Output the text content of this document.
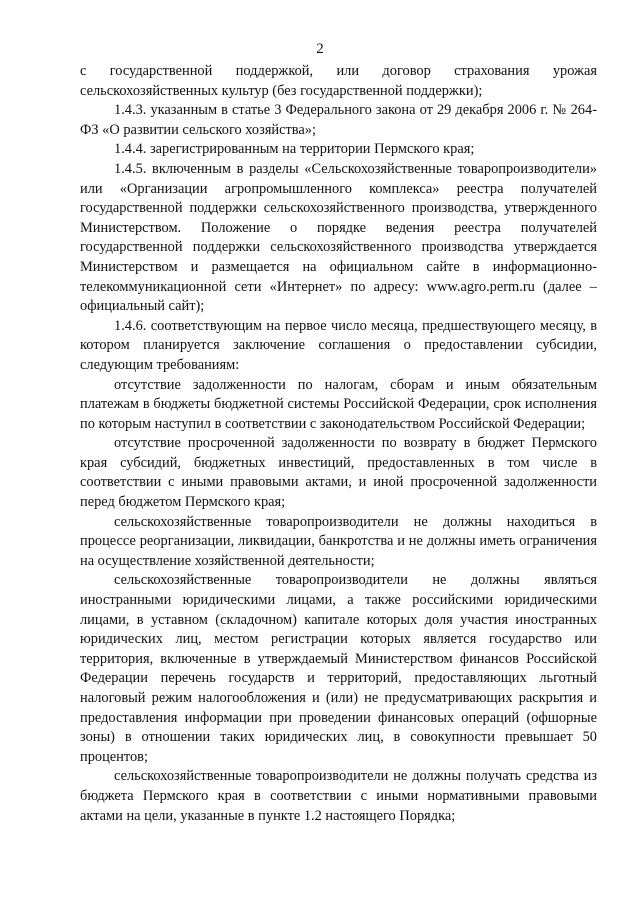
2

с государственной поддержкой, или договор страхования урожая сельскохозяйственных культур (без государственной поддержки);

1.4.3. указанным в статье 3 Федерального закона от 29 декабря 2006 г. № 264-ФЗ «О развитии сельского хозяйства»;

1.4.4. зарегистрированным на территории Пермского края;

1.4.5. включенным в разделы «Сельскохозяйственные товаропроизводители» или «Организации агропромышленного комплекса» реестра получателей государственной поддержки сельскохозяйственного производства, утвержденного Министерством. Положение о порядке ведения реестра получателей государственной поддержки сельскохозяйственного производства утверждается Министерством и размещается на официальном сайте в информационно-телекоммуникационной сети «Интернет» по адресу: www.agro.perm.ru (далее – официальный сайт);

1.4.6. соответствующим на первое число месяца, предшествующего месяцу, в котором планируется заключение соглашения о предоставлении субсидии, следующим требованиям:

отсутствие задолженности по налогам, сборам и иным обязательным платежам в бюджеты бюджетной системы Российской Федерации, срок исполнения по которым наступил в соответствии с законодательством Российской Федерации;

отсутствие просроченной задолженности по возврату в бюджет Пермского края субсидий, бюджетных инвестиций, предоставленных в том числе в соответствии с иными правовыми актами, и иной просроченной задолженности перед бюджетом Пермского края;

сельскохозяйственные товаропроизводители не должны находиться в процессе реорганизации, ликвидации, банкротства и не должны иметь ограничения на осуществление хозяйственной деятельности;

сельскохозяйственные товаропроизводители не должны являться иностранными юридическими лицами, а также российскими юридическими лицами, в уставном (складочном) капитале которых доля участия иностранных юридических лиц, местом регистрации которых является государство или территория, включенные в утверждаемый Министерством финансов Российской Федерации перечень государств и территорий, предоставляющих льготный налоговый режим налогообложения и (или) не предусматривающих раскрытия и предоставления информации при проведении финансовых операций (офшорные зоны) в отношении таких юридических лиц, в совокупности превышает 50 процентов;

сельскохозяйственные товаропроизводители не должны получать средства из бюджета Пермского края в соответствии с иными нормативными правовыми актами на цели, указанные в пункте 1.2 настоящего Порядка;
